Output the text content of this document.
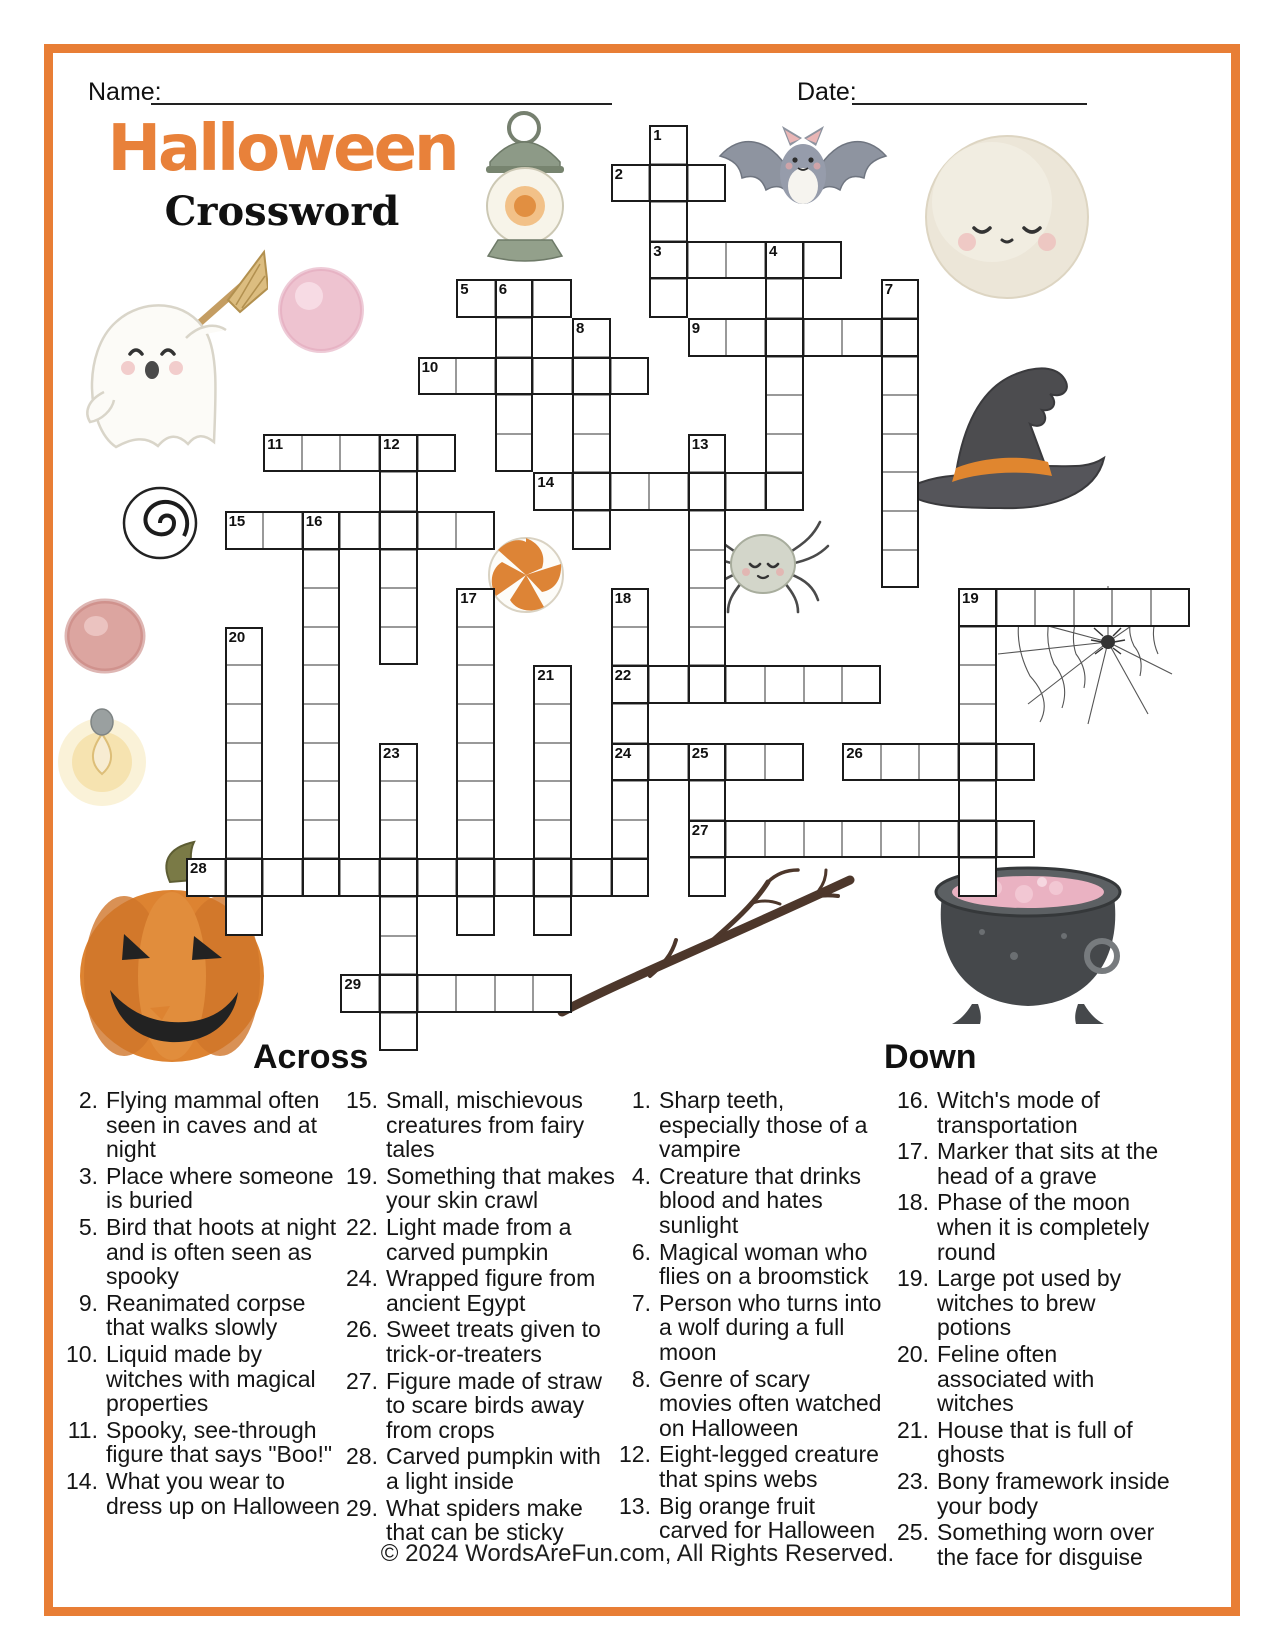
Name:	Date:
Halloween
Crossword
2
3
5
9
10
11
14
15
19
22
24	26
27
28
29
1
4
6	7
8
12	13
16
17	18
20
21
23	25
Across	Down
2. Flying mammal often seen in caves and at night
3. Place where someone is buried
5. Bird that hoots at night and is often seen as spooky
9. Reanimated corpse that walks slowly
10. Liquid made by witches with magical properties
11. Spooky, see-through figure that says "Boo!"
14. What you wear to dress up on Halloween
15. Small, mischievous creatures from fairy tales
19. Something that makes your skin crawl
22. Light made from a carved pumpkin
24. Wrapped figure from ancient Egypt
26. Sweet treats given to trick-or-treaters
27. Figure made of straw to scare birds away from crops
28. Carved pumpkin with a light inside
29. What spiders make that can be sticky
1. Sharp teeth, especially those of a vampire
4. Creature that drinks blood and hates sunlight
6. Magical woman who flies on a broomstick
7. Person who turns into a wolf during a full moon
8. Genre of scary movies often watched on Halloween
12. Eight-legged creature that spins webs
13. Big orange fruit carved for Halloween
16. Witch's mode of transportation
17. Marker that sits at the head of a grave
18. Phase of the moon when it is completely round
19. Large pot used by witches to brew potions
20. Feline often associated with witches
21. House that is full of ghosts
23. Bony framework inside your body
25. Something worn over the face for disguise
© 2024 WordsAreFun.com, All Rights Reserved.
